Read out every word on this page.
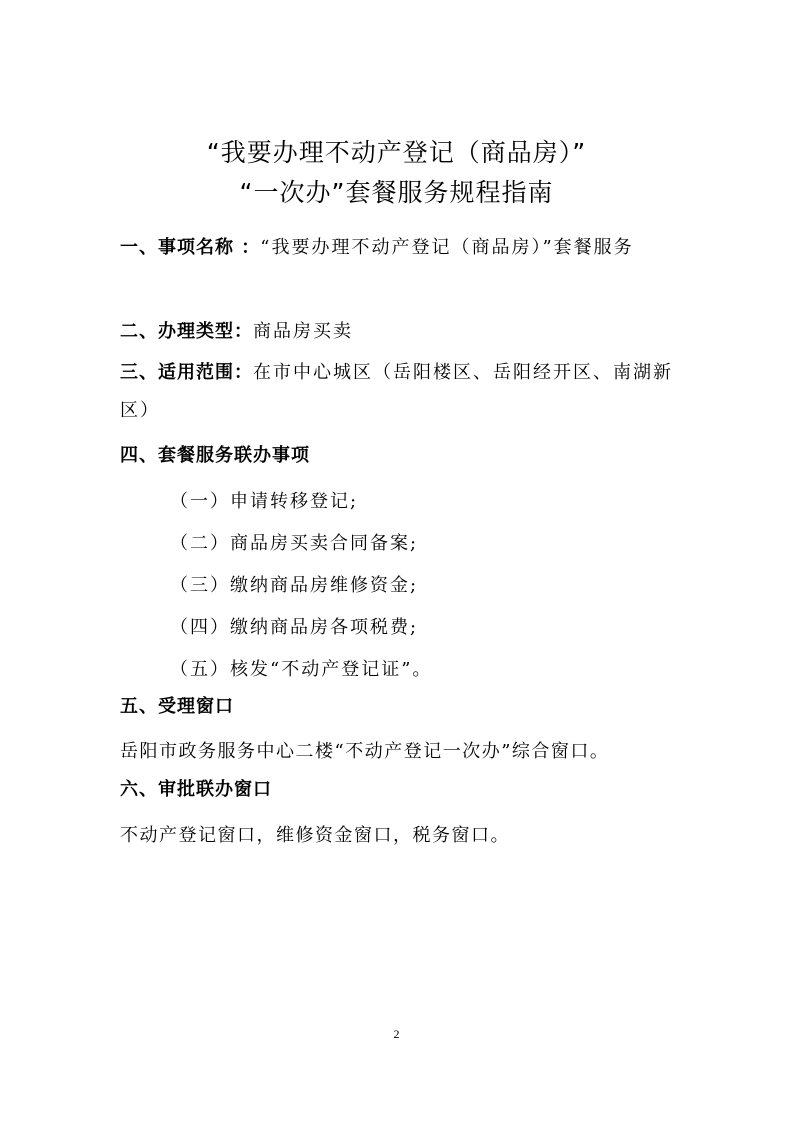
“我要办理不动产登记（商品房）”
“一次办”套餐服务规程指南
一、事项名称 ：“我要办理不动产登记（商品房）”套餐服务
二、办理类型：商品房买卖
三、适用范围：在市中心城区（岳阳楼区、岳阳经开区、南湖新区）
四、套餐服务联办事项
（一）申请转移登记;
（二）商品房买卖合同备案;
（三）缴纳商品房维修资金;
（四）缴纳商品房各项税费;
（五）核发“不动产登记证”。
五、受理窗口
岳阳市政务服务中心二楼“不动产登记一次办”综合窗口。
六、审批联办窗口
不动产登记窗口，维修资金窗口，税务窗口。
2
